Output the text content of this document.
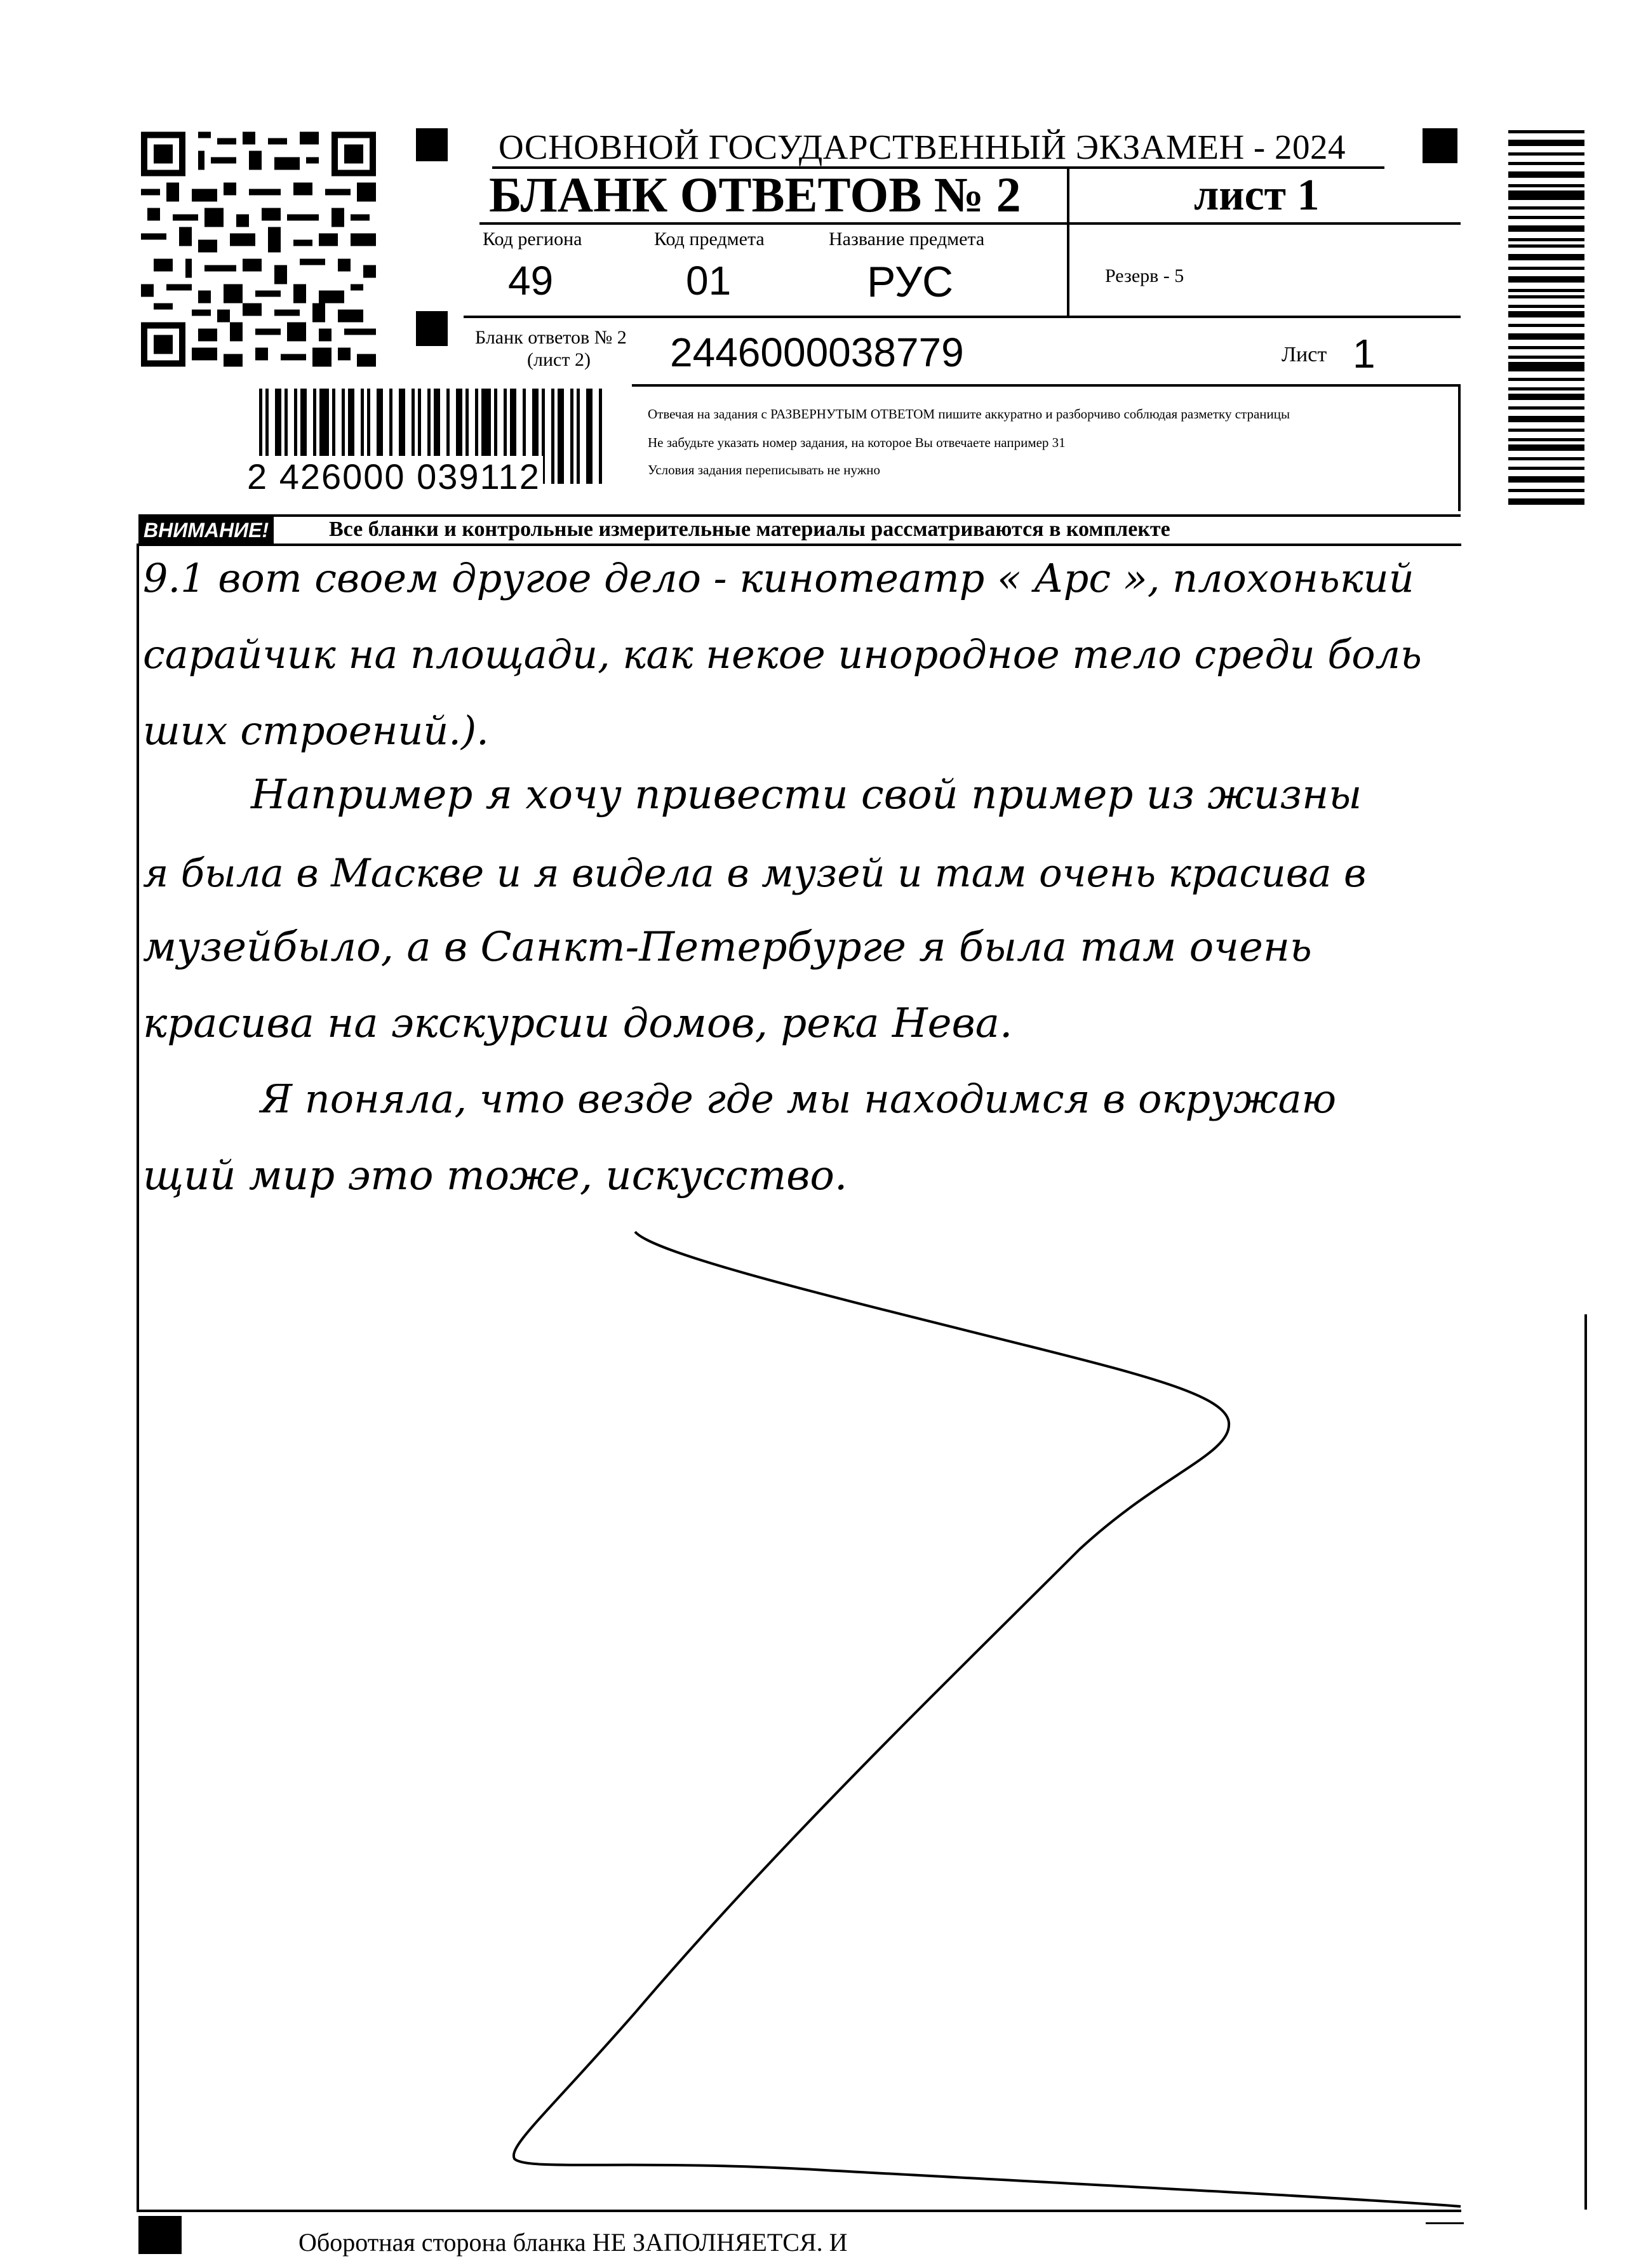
ОСНОВНОЙ ГОСУДАРСТВЕННЫЙ ЭКЗАМЕН - 2024
БЛАНК ОТВЕТОВ № 2	лист 1
Код региона
49
Код предмета
01
Название предмета
РУС	Резерв - 5
Бланк ответов № 2
(лист 2) 2446000038779	Лист 1
2 426000 039112
Отвечая на задания с РАЗВЕРНУТЫМ ОТВЕТОМ пишите аккуратно и разборчиво соблюдая разметку страницы
Не забудьте указать номер задания, на которое Вы отвечаете например 31
Условия задания переписывать не нужно
ВНИМАНИЕ!	Все бланки и контрольные измерительные материалы рассматриваются в комплекте
9.1 вот своем другое дело - кинотеатр « Арс », плохонький
сарайчик на площади, как некое инородное тело среди боль
ших строений.).
Например я хочу привести свой пример из жизны
я была в Маскве и я видела в музей и там очень красива в
музейбыло, а в Санкт-Петербурге я была там очень
красива на экскурсии домов, река Нева.
Я поняла, что везде где мы находимся в окружаю
щий мир это тоже, искусство.
Оборотная сторона бланка НЕ ЗАПОЛНЯЕТСЯ. И
